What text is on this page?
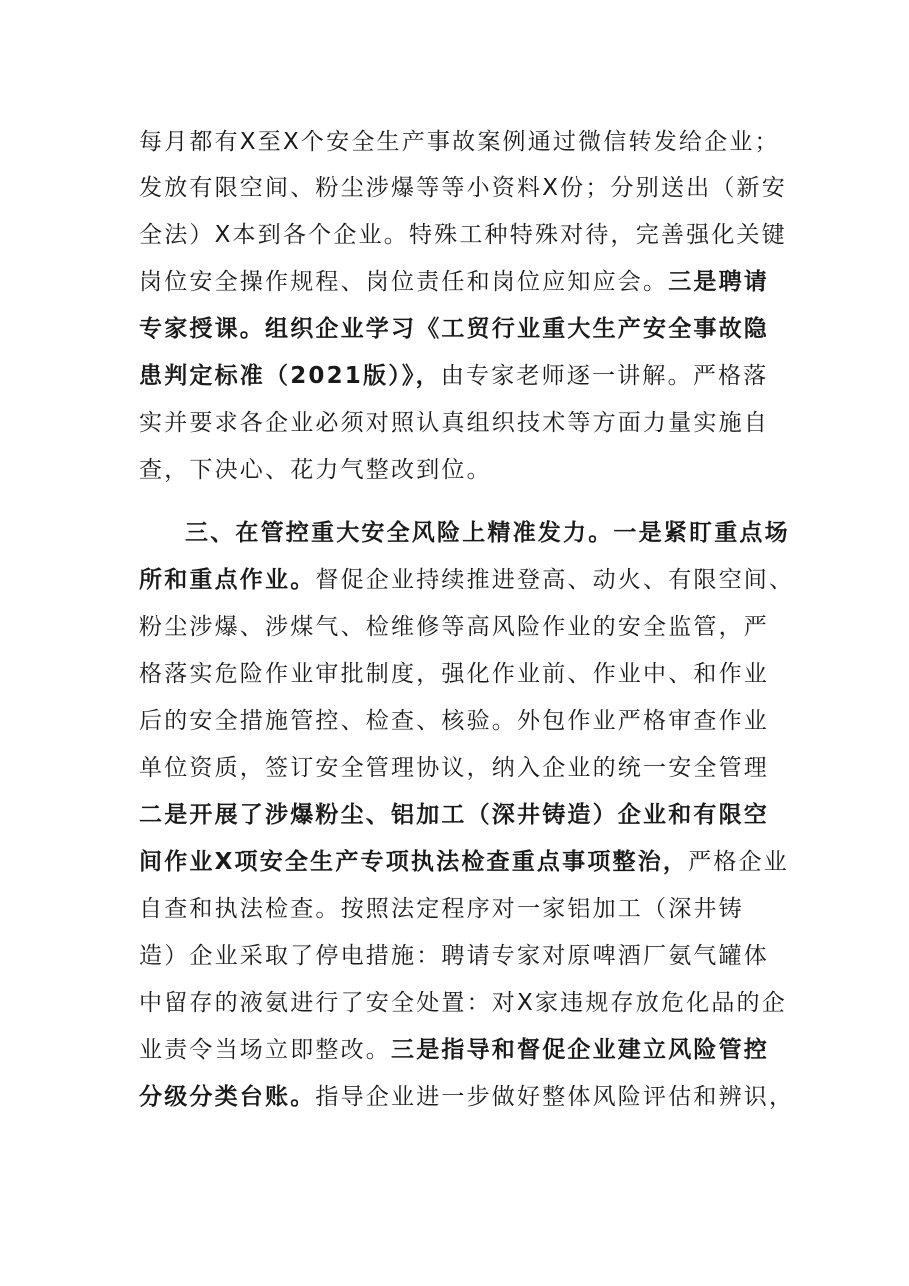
每月都有X至X个安全生产事故案例通过微信转发给企业；
发放有限空间、粉尘涉爆等等小资料X份；分别送出（新安
全法）X本到各个企业。特殊工种特殊对待，完善强化关键
岗位安全操作规程、岗位责任和岗位应知应会。三是聘请
专家授课。组织企业学习《工贸行业重大生产安全事故隐
患判定标准（2021版）》，由专家老师逐一讲解。严格落
实并要求各企业必须对照认真组织技术等方面力量实施自
查，下决心、花力气整改到位。
三、在管控重大安全风险上精准发力。一是紧盯重点场
所和重点作业。督促企业持续推进登高、动火、有限空间、
粉尘涉爆、涉煤气、检维修等高风险作业的安全监管，严
格落实危险作业审批制度，强化作业前、作业中、和作业
后的安全措施管控、检查、核验。外包作业严格审查作业
单位资质，签订安全管理协议，纳入企业的统一安全管理
二是开展了涉爆粉尘、铝加工（深井铸造）企业和有限空
间作业X项安全生产专项执法检查重点事项整治，严格企业
自查和执法检查。按照法定程序对一家铝加工（深井铸
造）企业采取了停电措施：聘请专家对原啤酒厂氨气罐体
中留存的液氨进行了安全处置：对X家违规存放危化品的企
业责令当场立即整改。三是指导和督促企业建立风险管控
分级分类台账。指导企业进一步做好整体风险评估和辨识，
